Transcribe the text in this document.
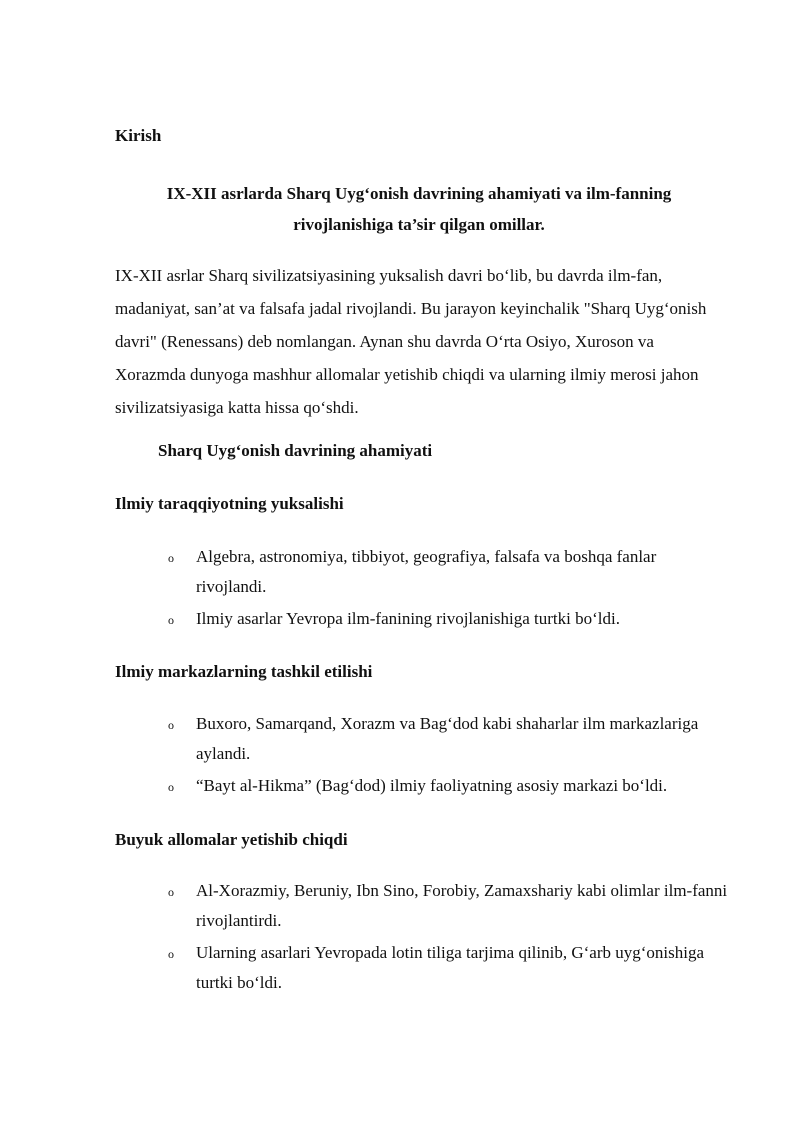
Kirish
IX-XII asrlarda Sharq Uyg‘onish davrining ahamiyati va ilm-fanning rivojlanishiga ta’sir qilgan omillar.

IX-XII asrlar Sharq sivilizatsiyasining yuksalish davri bo‘lib, bu davrda ilm-fan, madaniyat, san’at va falsafa jadal rivojlandi. Bu jarayon keyinchalik "Sharq Uyg‘onish davri" (Renessans) deb nomlangan. Aynan shu davrda O‘rta Osiyo, Xuroson va Xorazmda dunyoga mashhur allomalar yetishib chiqdi va ularning ilmiy merosi jahon sivilizatsiyasiga katta hissa qo‘shdi.

Sharq Uyg‘onish davrining ahamiyati
Ilmiy taraqqiyotning yuksalishi
o Algebra, astronomiya, tibbiyot, geografiya, falsafa va boshqa fanlar rivojlandi.
o Ilmiy asarlar Yevropa ilm-fanining rivojlanishiga turtki bo‘ldi.
Ilmiy markazlarning tashkil etilishi
o Buxoro, Samarqand, Xorazm va Bag‘dod kabi shaharlar ilm markazlariga aylandi.
o “Bayt al-Hikma” (Bag‘dod) ilmiy faoliyatning asosiy markazi bo‘ldi.
Buyuk allomalar yetishib chiqdi
o Al-Xorazmiy, Beruniy, Ibn Sino, Forobiy, Zamaxshariy kabi olimlar ilm-fanni rivojlantirdi.
o Ularning asarlari Yevropada lotin tiliga tarjima qilinib, G‘arb uyg‘onishiga turtki bo‘ldi.
